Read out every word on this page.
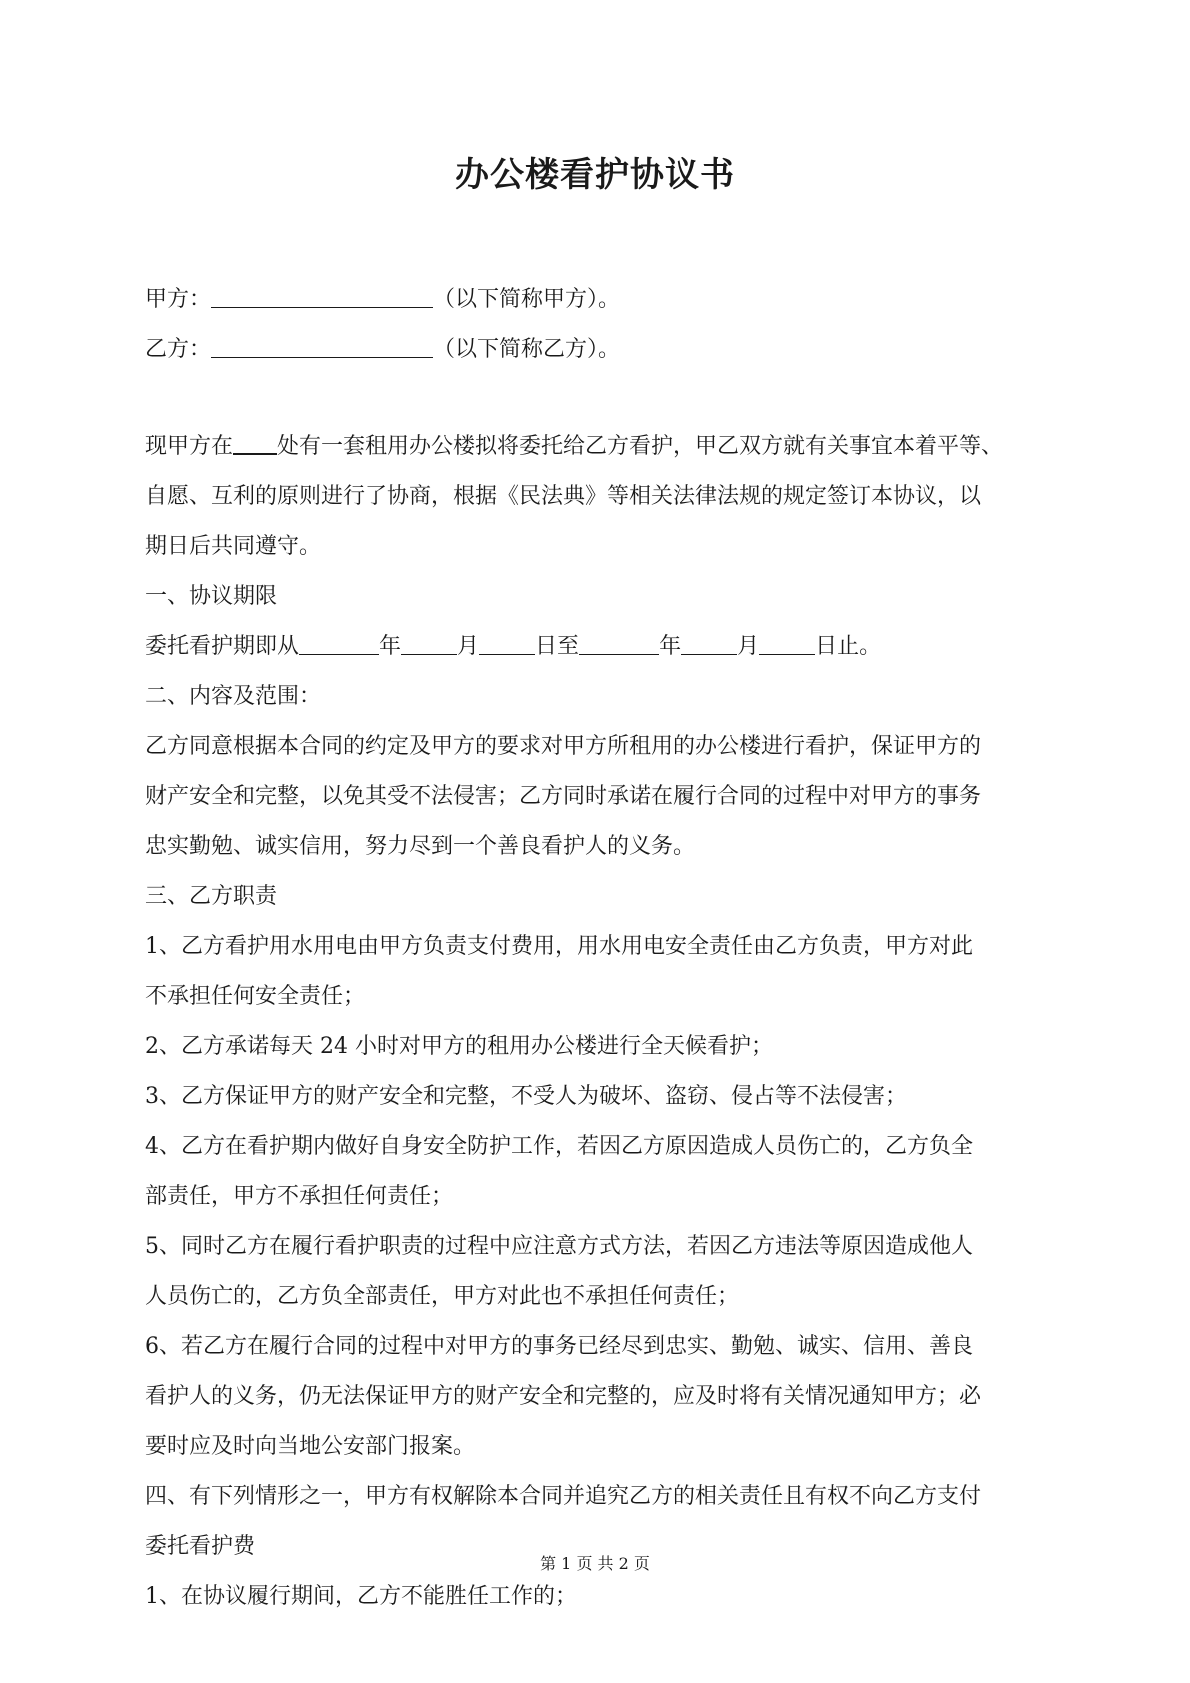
办公楼看护协议书
甲方：	（以下简称甲方）。
乙方：	（以下简称乙方）。
现甲方在 处有一套租用办公楼拟将委托给乙方看护，甲乙双方就有关事宜本着平等、
自愿、互利的原则进行了协商，根据《民法典》等相关法律法规的规定签订本协议，以
期日后共同遵守。
一、协议期限
委托看护期即从	年	月	日至	年	月	日止。
二、内容及范围：
乙方同意根据本合同的约定及甲方的要求对甲方所租用的办公楼进行看护，保证甲方的
财产安全和完整，以免其受不法侵害；乙方同时承诺在履行合同的过程中对甲方的事务
忠实勤勉、诚实信用，努力尽到一个善良看护人的义务。
三、乙方职责
1、乙方看护用水用电由甲方负责支付费用，用水用电安全责任由乙方负责，甲方对此
不承担任何安全责任；
2、乙方承诺每天 24 小时对甲方的租用办公楼进行全天候看护；
3、乙方保证甲方的财产安全和完整，不受人为破坏、盗窃、侵占等不法侵害；
4、乙方在看护期内做好自身安全防护工作，若因乙方原因造成人员伤亡的，乙方负全
部责任，甲方不承担任何责任；
5、同时乙方在履行看护职责的过程中应注意方式方法，若因乙方违法等原因造成他人
人员伤亡的，乙方负全部责任，甲方对此也不承担任何责任；
6、若乙方在履行合同的过程中对甲方的事务已经尽到忠实、勤勉、诚实、信用、善良
看护人的义务，仍无法保证甲方的财产安全和完整的，应及时将有关情况通知甲方；必
要时应及时向当地公安部门报案。
四、有下列情形之一，甲方有权解除本合同并追究乙方的相关责任且有权不向乙方支付
委托看护费
1、在协议履行期间，乙方不能胜任工作的；
第 1 页 共 2 页
